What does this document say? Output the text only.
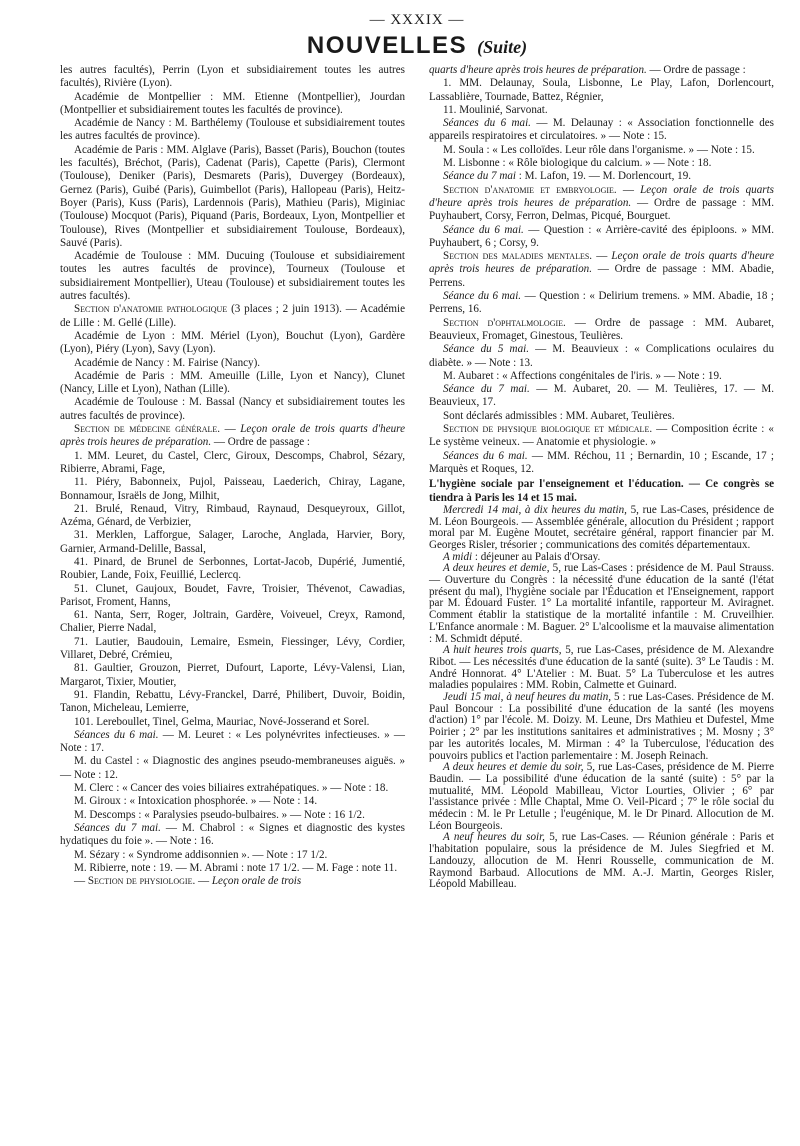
— XXXIX —
NOUVELLES (Suite)

les autres facultés), Perrin (Lyon et subsidiairement toutes les autres facultés), Rivière (Lyon).

Académie de Montpellier : MM. Etienne (Montpellier), Jourdan (Montpellier et subsidiairement toutes les facultés de province).

Académie de Nancy : M. Barthélemy (Toulouse et subsidiairement toutes les autres facultés de province).

Académie de Paris : MM. Alglave (Paris), Basset (Paris), Bouchon (toutes les facultés), Bréchot, (Paris), Cadenat (Paris), Capette (Paris), Clermont (Toulouse), Deniker (Paris), Desmarets (Paris), Duvergey (Bordeaux), Gernez (Paris), Guibé (Paris), Guimbellot (Paris), Hallopeau (Paris), Heitz-Boyer (Paris), Kuss (Paris), Lardennois (Paris), Mathieu (Paris), Miginiac (Toulouse) Mocquot (Paris), Piquand (Paris, Bordeaux, Lyon, Montpellier et Toulouse), Rives (Montpellier et subsidiairement Toulouse, Bordeaux), Sauvé (Paris).

Académie de Toulouse : MM. Ducuing (Toulouse et subsidiairement toutes les autres facultés de province), Tourneux (Toulouse et subsidiairement Montpellier), Uteau (Toulouse) et subsidiairement toutes les autres facultés).

Section d'anatomie pathologique (3 places ; 2 juin 1913). — Académie de Lille : M. Gellé (Lille).

Académie de Lyon : MM. Mériel (Lyon), Bouchut (Lyon), Gardère (Lyon), Piéry (Lyon), Savy (Lyon).

Académie de Nancy : M. Fairise (Nancy).

Académie de Paris : MM. Ameuille (Lille, Lyon et Nancy), Clunet (Nancy, Lille et Lyon), Nathan (Lille).

Académie de Toulouse : M. Bassal (Nancy et subsidiairement toutes les autres facultés de province).

Section de médecine générale. — Leçon orale de trois quarts d'heure après trois heures de préparation. — Ordre de passage :

1. MM. Leuret, du Castel, Clerc, Giroux, Descomps, Chabrol, Sézary, Ribierre, Abrami, Fage,

11. Piéry, Babonneix, Pujol, Paisseau, Laederich, Chiray, Lagane, Bonnamour, Israëls de Jong, Milhit,

21. Brulé, Renaud, Vitry, Rimbaud, Raynaud, Desqueyroux, Gillot, Azéma, Génard, de Verbizier,

31. Merklen, Lafforgue, Salager, Laroche, Anglada, Harvier, Bory, Garnier, Armand-Delille, Bassal,

41. Pinard, de Brunel de Serbonnes, Lortat-Jacob, Dupérié, Jumentié, Roubier, Lande, Foix, Feuillié, Leclercq.

51. Clunet, Gaujoux, Boudet, Favre, Troisier, Thévenot, Cawadias, Parisot, Froment, Hanns,

61. Nanta, Serr, Roger, Joltrain, Gardère, Voiveuel, Creyx, Ramond, Chalier, Pierre Nadal,

71. Lautier, Baudouin, Lemaire, Esmein, Fiessinger, Lévy, Cordier, Villaret, Debré, Crémieu,

81. Gaultier, Grouzon, Pierret, Dufourt, Laporte, Lévy-Valensi, Lian, Margarot, Tixier, Moutier,

91. Flandin, Rebattu, Lévy-Franckel, Darré, Philibert, Duvoir, Boidin, Tanon, Micheleau, Lemierre,

101. Lereboullet, Tinel, Gelma, Mauriac, Nové-Josserand et Sorel.

Séances du 6 mai. — M. Leuret : « Les polynévrites infectieuses. » — Note : 17.

M. du Castel : « Diagnostic des angines pseudo-membraneuses aiguës. » — Note : 12.

M. Clerc : « Cancer des voies biliaires extrahépatiques. » — Note : 18.

M. Giroux : « Intoxication phosphorée. » — Note : 14.

M. Descomps : « Paralysies pseudo-bulbaires. » — Note : 16 1/2.

Séances du 7 mai. — M. Chabrol : « Signes et diagnostic des kystes hydatiques du foie ». — Note : 16.

M. Sézary : « Syndrome addisonnien ». — Note : 17 1/2.

M. Ribierre, note : 19. — M. Abrami : note 17 1/2. — M. Fage : note 11.

— Section de physiologie. — Leçon orale de trois

quarts d'heure après trois heures de préparation. — Ordre de passage :

1. MM. Delaunay, Soula, Lisbonne, Le Play, Lafon, Dorlencourt, Lassablière, Tournade, Battez, Régnier,

11. Moulinié, Sarvonat.

Séances du 6 mai. — M. Delaunay : « Association fonctionnelle des appareils respiratoires et circulatoires. » — Note : 15.

M. Soula : « Les colloïdes. Leur rôle dans l'organisme. » — Note : 15.

M. Lisbonne : « Rôle biologique du calcium. » — Note : 18.

Séance du 7 mai : M. Lafon, 19. — M. Dorlencourt, 19.

Section d'anatomie et embryologie. — Leçon orale de trois quarts d'heure après trois heures de préparation. — Ordre de passage : MM. Puyhaubert, Corsy, Ferron, Delmas, Picqué, Bourguet.

Séance du 6 mai. — Question : « Arrière-cavité des épiploons. » MM. Puyhaubert, 6 ; Corsy, 9.

Section des maladies mentales. — Leçon orale de trois quarts d'heure après trois heures de préparation. — Ordre de passage : MM. Abadie, Perrens.

Séance du 6 mai. — Question : « Delirium tremens. » MM. Abadie, 18 ; Perrens, 16.

Section d'ophtalmologie. — Ordre de passage : MM. Aubaret, Beauvieux, Fromaget, Ginestous, Teulières.

Séance du 5 mai. — M. Beauvieux : « Complications oculaires du diabète. » — Note : 13.

M. Aubaret : « Affections congénitales de l'iris. » — Note : 19.

Séance du 7 mai. — M. Aubaret, 20. — M. Teulières, 17. — M. Beauvieux, 17.

Sont déclarés admissibles : MM. Aubaret, Teulières.

Section de physique biologique et médicale. — Composition écrite : « Le système veineux. — Anatomie et physiologie. »

Séances du 6 mai. — MM. Réchou, 11 ; Bernardin, 10 ; Escande, 17 ; Marquès et Roques, 12.

L'hygiène sociale par l'enseignement et l'éducation. — Ce congrès se tiendra à Paris les 14 et 15 mai.

Mercredi 14 mai, à dix heures du matin, 5, rue Las-Cases, présidence de M. Léon Bourgeois. — Assemblée générale, allocution du Président ; rapport moral par M. Eugène Moutet, secrétaire général, rapport financier par M. Georges Risler, trésorier ; communications des comités départementaux.

A midi : déjeuner au Palais d'Orsay.

A deux heures et demie, 5, rue Las-Cases : présidence de M. Paul Strauss. — Ouverture du Congrès : la nécessité d'une éducation de la santé (l'état présent du mal), l'hygiène sociale par l'Éducation et l'Enseignement, rapport par M. Édouard Fuster. 1° La mortalité infantile, rapporteur M. Aviragnet. Comment établir la statistique de la mortalité infantile : M. Cruveilhier. L'Enfance anormale : M. Baguer. 2° L'alcoolisme et la mauvaise alimentation : M. Schmidt député.

A huit heures trois quarts, 5, rue Las-Cases, présidence de M. Alexandre Ribot. — Les nécessités d'une éducation de la santé (suite). 3° Le Taudis : M. André Honnorat. 4° L'Atelier : M. Buat. 5° La Tuberculose et les autres maladies populaires : MM. Robin, Calmette et Guinard.

Jeudi 15 mai, à neuf heures du matin, 5 : rue Las-Cases. Présidence de M. Paul Boncour : La possibilité d'une éducation de la santé (les moyens d'action) 1° par l'école. M. Doizy. M. Leune, Drs Mathieu et Dufestel, Mme Poirier ; 2° par les institutions sanitaires et administratives ; M. Mosny ; 3° par les autorités locales, M. Mirman : 4° la Tuberculose, l'éducation des pouvoirs publics et l'action parlementaire : M. Joseph Reinach.

A deux heures et demie du soir, 5, rue Las-Cases, présidence de M. Pierre Baudin. — La possibilité d'une éducation de la santé (suite) : 5° par la mutualité, MM. Léopold Mabilleau, Victor Lourties, Olivier ; 6° par l'assistance privée : Mlle Chaptal, Mme O. Veil-Picard ; 7° le rôle social du médecin : M. le Pr Letulle ; l'eugénique, M. le Dr Pinard. Allocution de M. Léon Bourgeois.

A neuf heures du soir, 5, rue Las-Cases. — Réunion générale : Paris et l'habitation populaire, sous la présidence de M. Jules Siegfried et M. Landouzy, allocution de M. Henri Rousselle, communication de M. Raymond Barbaud. Allocutions de MM. A.-J. Martin, Georges Risler, Léopold Mabilleau.
